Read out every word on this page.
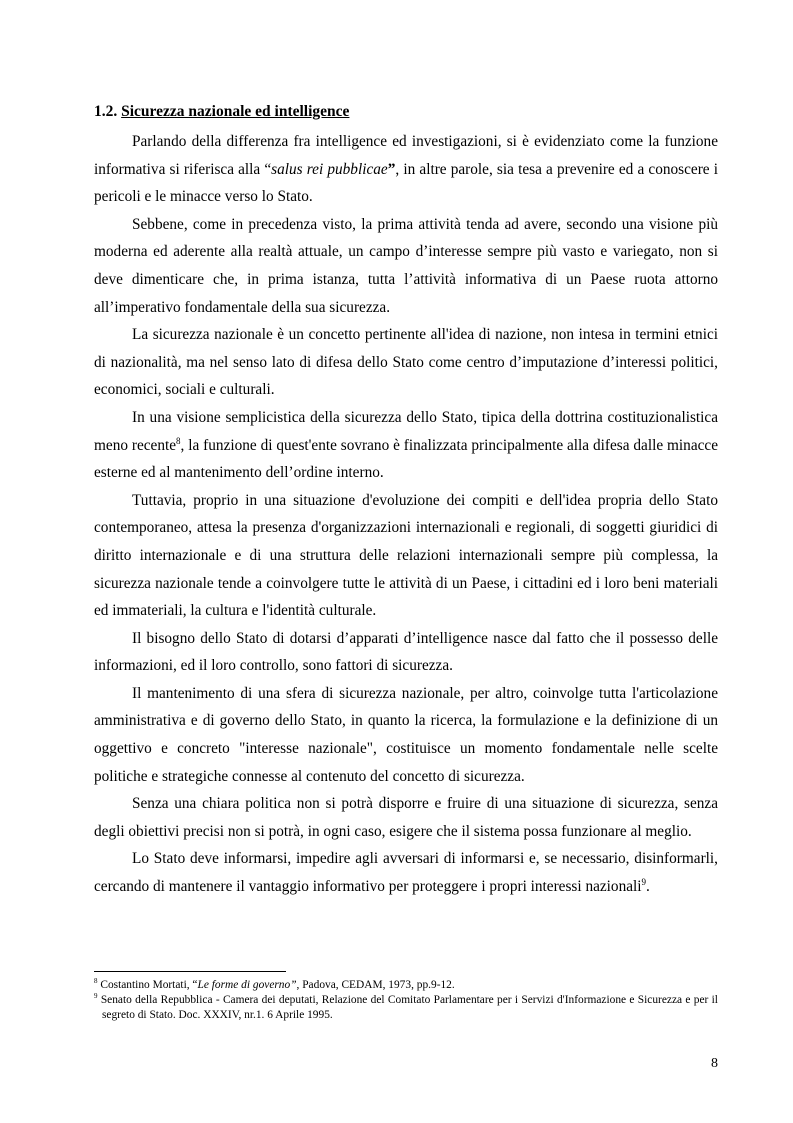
1.2. Sicurezza nazionale ed intelligence

Parlando della differenza fra intelligence ed investigazioni, si è evidenziato come la funzione informativa si riferisca alla “salus rei pubblicae”, in altre parole, sia tesa a prevenire ed a conoscere i pericoli e le minacce verso lo Stato.

Sebbene, come in precedenza visto, la prima attività tenda ad avere, secondo una visione più moderna ed aderente alla realtà attuale, un campo d’interesse sempre più vasto e variegato, non si deve dimenticare che, in prima istanza, tutta l’attività informativa di un Paese ruota attorno all’imperativo fondamentale della sua sicurezza.

La sicurezza nazionale è un concetto pertinente all'idea di nazione, non intesa in termini etnici di nazionalità, ma nel senso lato di difesa dello Stato come centro d’imputazione d’interessi politici, economici, sociali e culturali.

In una visione semplicistica della sicurezza dello Stato, tipica della dottrina costituzionalistica meno recente$^8$, la funzione di quest'ente sovrano è finalizzata principalmente alla difesa dalle minacce esterne ed al mantenimento dell’ordine interno.

Tuttavia, proprio in una situazione d'evoluzione dei compiti e dell'idea propria dello Stato contemporaneo, attesa la presenza d'organizzazioni internazionali e regionali, di soggetti giuridici di diritto internazionale e di una struttura delle relazioni internazionali sempre più complessa, la sicurezza nazionale tende a coinvolgere tutte le attività di un Paese, i cittadini ed i loro beni materiali ed immateriali, la cultura e l'identità culturale.

Il bisogno dello Stato di dotarsi d’apparati d’intelligence nasce dal fatto che il possesso delle informazioni, ed il loro controllo, sono fattori di sicurezza.

Il mantenimento di una sfera di sicurezza nazionale, per altro, coinvolge tutta l'articolazione amministrativa e di governo dello Stato, in quanto la ricerca, la formulazione e la definizione di un oggettivo e concreto "interesse nazionale", costituisce un momento fondamentale nelle scelte politiche e strategiche connesse al contenuto del concetto di sicurezza.

Senza una chiara politica non si potrà disporre e fruire di una situazione di sicurezza, senza degli obiettivi precisi non si potrà, in ogni caso, esigere che il sistema possa funzionare al meglio.

Lo Stato deve informarsi, impedire agli avversari di informarsi e, se necessario, disinformarli, cercando di mantenere il vantaggio informativo per proteggere i propri interessi nazionali$^9$.

$^8$ Costantino Mortati, “Le forme di governo”, Padova, CEDAM, 1973, pp.9-12.

$^9$ Senato della Repubblica - Camera dei deputati, Relazione del Comitato Parlamentare per i Servizi d'Informazione e Sicurezza e per il segreto di Stato. Doc. XXXIV, nr.1. 6 Aprile 1995.

8
